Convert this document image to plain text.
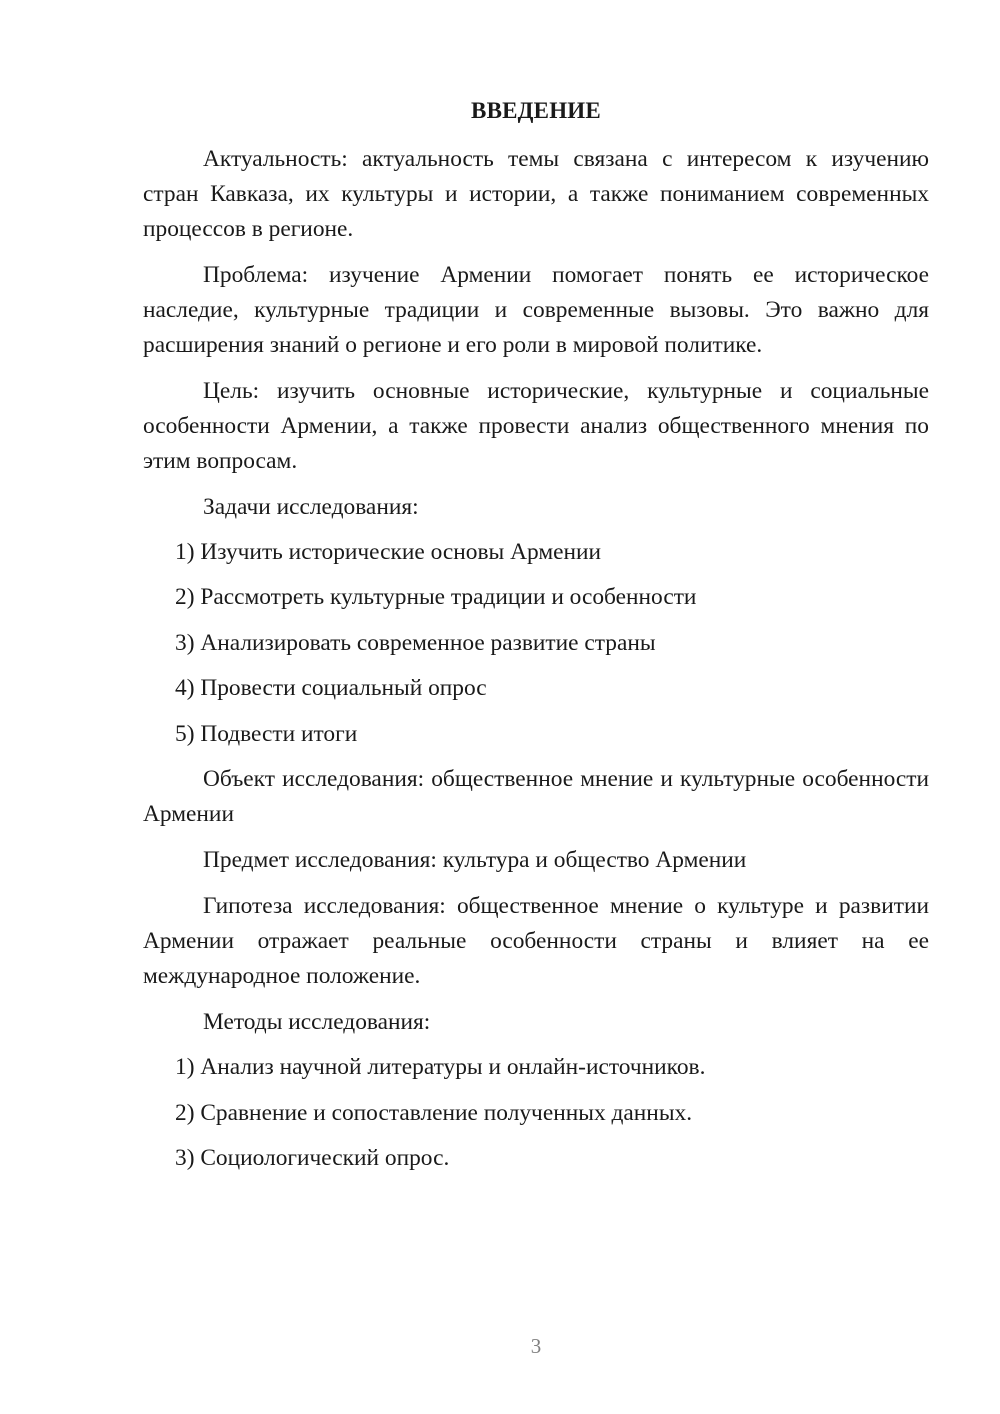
ВВЕДЕНИЕ

Актуальность: актуальность темы связана с интересом к изучению стран Кавказа, их культуры и истории, а также пониманием современных процессов в регионе.

Проблема: изучение Армении помогает понять ее историческое наследие, культурные традиции и современные вызовы. Это важно для расширения знаний о регионе и его роли в мировой политике.

Цель: изучить основные исторические, культурные и социальные особенности Армении, а также провести анализ общественного мнения по этим вопросам.

Задачи исследования:

1) Изучить исторические основы Армении

2) Рассмотреть культурные традиции и особенности

3) Анализировать современное развитие страны

4) Провести социальный опрос

5) Подвести итоги

Объект исследования: общественное мнение и культурные особенности Армении

Предмет исследования: культура и общество Армении

Гипотеза исследования: общественное мнение о культуре и развитии Армении отражает реальные особенности страны и влияет на ее международное положение.

Методы исследования:

1) Анализ научной литературы и онлайн-источников.

2) Сравнение и сопоставление полученных данных.

3) Социологический опрос.

3
